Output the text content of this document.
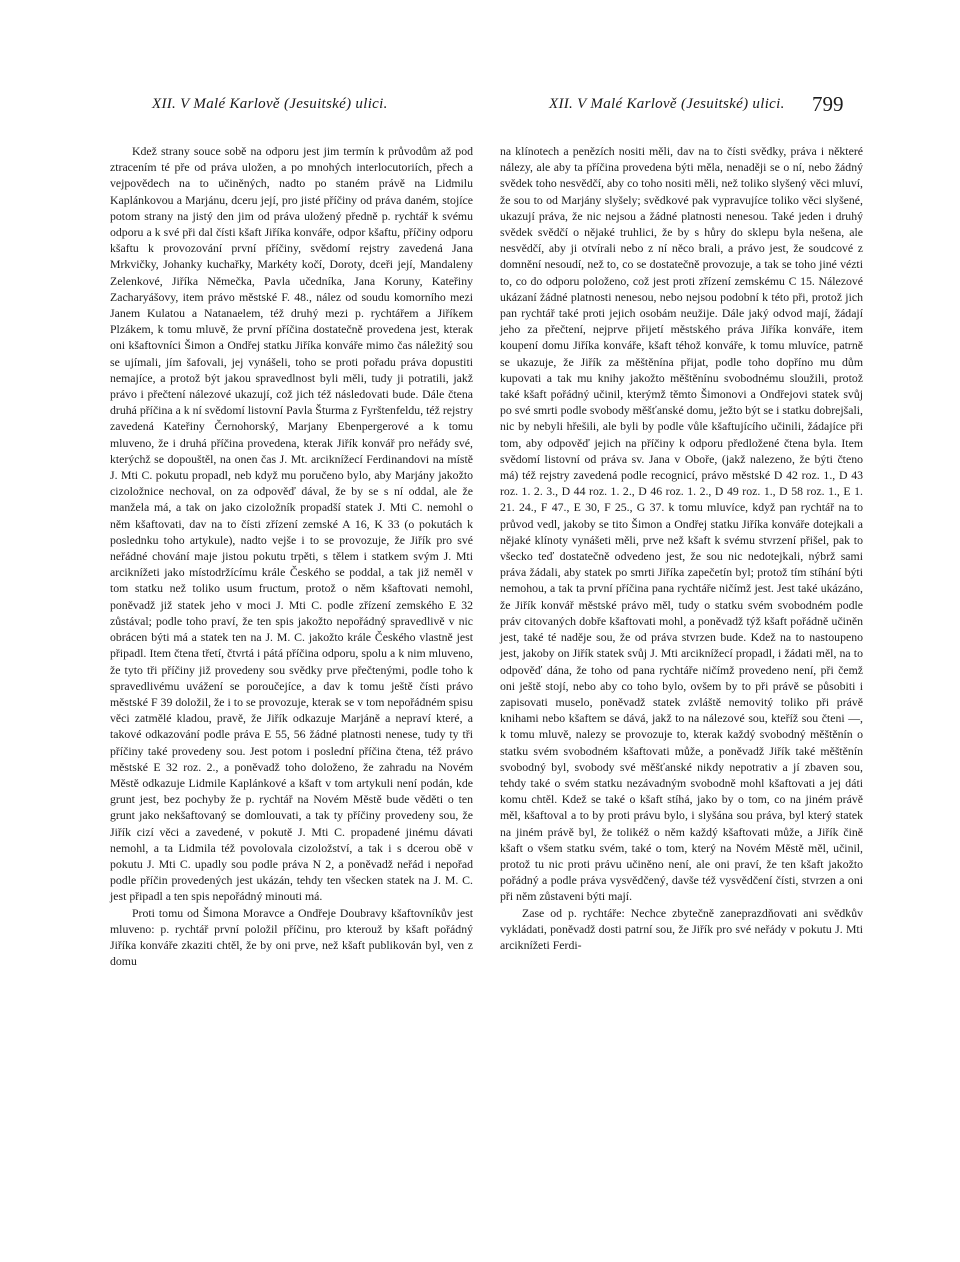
XII. V Malé Karlově (Jesuitské) ulici.	XII. V Malé Karlově (Jesuitské) ulici. 799

Kdež strany souce sobě na odporu jest jim termín k průvodům až pod ztracením té pře od práva uložen, a po mnohých interlocutoriích, přech a vejpovědech na to učiněných, nadto po staném právě na Lidmilu Kaplánkovou a Marjánu, dceru její, pro jisté příčiny od práva daném, stojíce potom strany na jistý den jim od práva uložený předně p. rychtář k svému odporu a k své při dal čísti kšaft Jiříka konváře, odpor kšaftu, příčiny odporu kšaftu k provozování první příčiny, svědomí rejstry zavedená Jana Mrkvičky, Johanky kuchařky, Markéty kočí, Doroty, dceři její, Mandaleny Zelenkové, Jiříka Němečka, Pavla učedníka, Jana Koruny, Kateřiny Zacharyášovy, item právo městské F. 48., nález od soudu komorního mezi Janem Kulatou a Natanaelem, též druhý mezi p. rychtářem a Jiříkem Plzákem, k tomu mluvě, že první příčina dostatečně provedena jest, kterak oni kšaftovníci Šimon a Ondřej statku Jiříka konváře mimo čas náležitý sou se ujímali, jím šafovali, jej vynášeli, toho se proti pořadu práva dopustiti nemajíce, a protož být jakou spravedlnost byli měli, tudy ji potratili, jakž právo i přečtení nálezové ukazují, což jich též následovati bude. Dále čtena druhá příčina a k ní svědomí listovní Pavla Šturma z Fyrštenfeldu, též rejstry zavedená Kateřiny Černohorský, Marjany Ebenpergerové a k tomu mluveno, že i druhá příčina provedena, kterak Jiřík konvář pro neřády své, kterýchž se dopouštěl, na onen čas J. Mt. arciknížecí Ferdinandovi na místě J. Mti C. pokutu propadl, neb když mu poručeno bylo, aby Marjány jakožto cizoložnice nechoval, on za odpověď dával, že by se s ní oddal, ale že manžela má, a tak on jako cizoložník propadší statek J. Mti C. nemohl o něm kšaftovati, dav na to čísti zřízení zemské A 16, K 33 (o pokutách k poslednku toho artykule), nadto vejše i to se provozuje, že Jiřík pro své neřádné chování maje jistou pokutu trpěti, s tělem i statkem svým J. Mti arciknížeti jako místodržícímu krále Českého se poddal, a tak již neměl v tom statku než toliko usum fructum, protož o něm kšaftovati nemohl, poněvadž již statek jeho v moci J. Mti C. podle zřízení zemského E 32 zůstával; podle toho praví, že ten spis jakožto nepořádný spravedlivě v nic obrácen býti má a statek ten na J. M. C. jakožto krále Českého vlastně jest připadl. Item čtena třetí, čtvrtá i pátá příčina odporu, spolu a k nim mluveno, že tyto tři příčiny již provedeny sou svědky prve přečtenými, podle toho k spravedlivému uvážení se poroučejíce, a dav k tomu ještě čísti právo městské F 39 doložil, že i to se provozuje, kterak se v tom nepořádném spisu věci zatmělé kladou, pravě, že Jiřík odkazuje Marjáně a nepraví které, a takové odkazování podle práva E 55, 56 žádné platnosti nenese, tudy ty tři příčiny také provedeny sou. Jest potom i poslední příčina čtena, též právo městské E 32 roz. 2., a poněvadž toho doloženo, že zahradu na Novém Městě odkazuje Lidmile Kaplánkové a kšaft v tom artykuli není podán, kde grunt jest, bez pochyby že p. rychtář na Novém Městě bude věděti o ten grunt jako nekšaftovaný se domlouvati, a tak ty příčiny provedeny sou, že Jiřík cizí věci a zavedené, v pokutě J. Mti C. propadené jinému dávati nemohl, a ta Lidmila též povolovala cizoložství, a tak i s dcerou obě v pokutu J. Mti C. upadly sou podle práva N 2, a poněvadž neřád i nepořad podle příčin provedených jest ukázán, tehdy ten všecken statek na J. M. C. jest připadl a ten spis nepořádný minouti má.

Proti tomu od Šimona Moravce a Ondřeje Doubravy kšaftovníkův jest mluveno: p. rychtář první položil příčinu, pro kterouž by kšaft pořádný Jiříka konváře zkaziti chtěl, že by oni prve, než kšaft publikován byl, ven z domu

na klínotech a penězích nositi měli, dav na to čísti svědky, práva i některé nálezy, ale aby ta příčina provedena býti měla, nenaději se o ní, nebo žádný svědek toho nesvědčí, aby co toho nositi měli, než toliko slyšený věci mluví, že sou to od Marjány slyšely; svědkové pak vypravujíce toliko věci slyšené, ukazují práva, že nic nejsou a žádné platnosti nenesou. Také jeden i druhý svědek svědčí o nějaké truhlici, že by s hůry do sklepu byla nešena, ale nesvědčí, aby ji otvírali nebo z ní něco brali, a právo jest, že soudcové z domnění nesoudí, než to, co se dostatečně provozuje, a tak se toho jiné vézti to, co do odporu položeno, což jest proti zřízení zemskému C 15. Nálezové ukázaní žádné platnosti nenesou, nebo nejsou podobní k této při, protož jich pan rychtář také proti jejich osobám neužije. Dále jaký odvod mají, žádají jeho za přečtení, nejprve přijetí městského práva Jiříka konváře, item koupení domu Jiříka konváře, kšaft téhož konváře, k tomu mluvíce, patrně se ukazuje, že Jiřík za měštěnína přijat, podle toho dopříno mu dům kupovati a tak mu knihy jakožto měštěnínu svobodnému sloužili, protož také kšaft pořádný učinil, kterýmž těmto Šimonovi a Ondřejovi statek svůj po své smrti podle svobody měšťanské domu, ježto být se i statku dobrejšali, nic by nebyli hřešili, ale byli by podle vůle kšaftujícího učinili, žádajíce při tom, aby odpověď jejich na příčiny k odporu předložené čtena byla. Item svědomí listovní od práva sv. Jana v Oboře, (jakž nalezeno, že býti čteno má) též rejstry zavedená podle recognicí, právo městské D 42 roz. 1., D 43 roz. 1. 2. 3., D 44 roz. 1. 2., D 46 roz. 1. 2., D 49 roz. 1., D 58 roz. 1., E 1. 21. 24., F 47., E 30, F 25., G 37. k tomu mluvíce, když pan rychtář na to průvod vedl, jakoby se tito Šimon a Ondřej statku Jiříka konváře dotejkali a nějaké klínoty vynášeti měli, prve než kšaft k svému stvrzení přišel, pak to všecko teď dostatečně odvedeno jest, že sou nic nedotejkali, nýbrž sami práva žádali, aby statek po smrti Jiříka zapečetín byl; protož tím stíhání býti nemohou, a tak ta první příčina pana rychtáře ničímž jest. Jest také ukázáno, že Jiřík konvář městské právo měl, tudy o statku svém svobodném podle práv citovaných dobře kšaftovati mohl, a poněvadž týž kšaft pořádně učiněn jest, také té naděje sou, že od práva stvrzen bude. Kdež na to nastoupeno jest, jakoby on Jiřík statek svůj J. Mti arciknížecí propadl, i žádati měl, na to odpověď dána, že toho od pana rychtáře ničímž provedeno není, při čemž oni ještě stojí, nebo aby co toho bylo, ovšem by to při právě se působiti i zapisovati muselo, poněvadž statek zvláště nemovitý toliko při právě knihami nebo kšaftem se dává, jakž to na nálezové sou, kteříž sou čteni —, k tomu mluvě, nalezy se provozuje to, kterak každý svobodný měštěnín o statku svém svobodném kšaftovati může, a poněvadž Jiřík také měštěnín svobodný byl, svobody své měšťanské nikdy nepotrativ a jí zbaven sou, tehdy také o svém statku nezávadným svobodně mohl kšaftovati a jej dáti komu chtěl. Kdež se také o kšaft stíhá, jako by o tom, co na jiném právě měl, kšaftoval a to by proti právu bylo, i slyšána sou práva, byl který statek na jiném právě byl, že tolikéž o něm každý kšaftovati může, a Jiřík čině kšaft o všem statku svém, také o tom, který na Novém Městě měl, učinil, protož tu nic proti právu učiněno není, ale oni praví, že ten kšaft jakožto pořádný a podle práva vysvědčený, davše též vysvědčení čísti, stvrzen a oni při něm zůstaveni býti mají.

Zase od p. rychtáře: Nechce zbytečně zaneprazdňovati ani svědkův vykládati, poněvadž dosti patrní sou, že Jiřík pro své neřády v pokutu J. Mti arciknížeti Ferdi-
